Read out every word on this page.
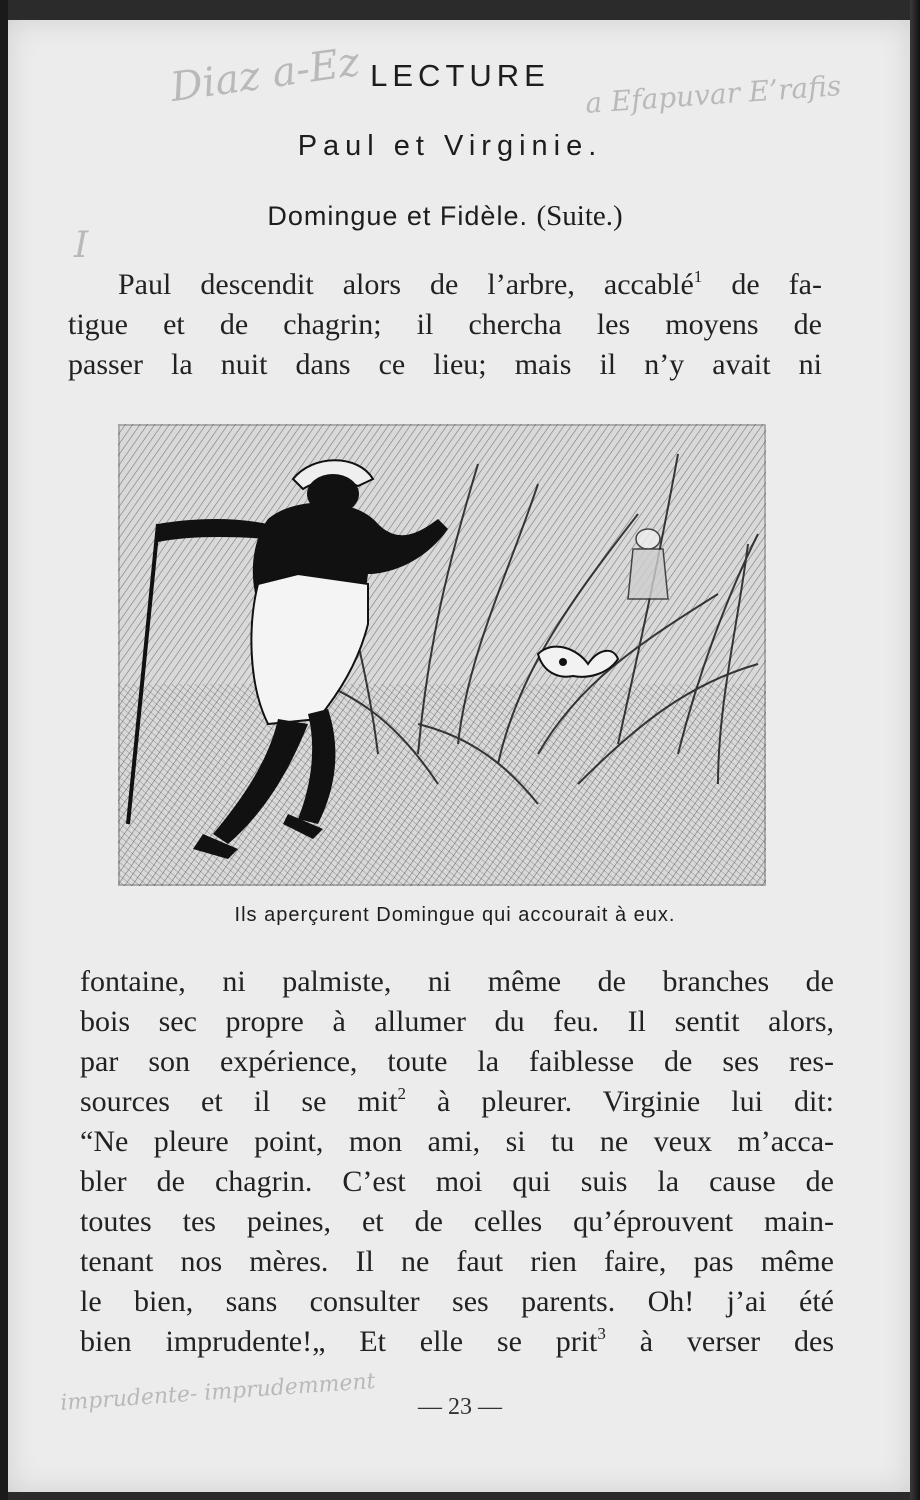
Diaz a-Ez	a Efapuvar E’rafis
I
imprudente- imprudemment
LECTURE
Paul et Virginie.
Domingue et Fidèle. (Suite.)
Paul descendit alors de l’arbre, accablé$^1$ de fa-
tigue et de chagrin; il chercha les moyens de
passer la nuit dans ce lieu; mais il n’y avait ni
Ils aperçurent Domingue qui accourait à eux.
fontaine, ni palmiste, ni même de branches de
bois sec propre à allumer du feu. Il sentit alors,
par son expérience, toute la faiblesse de ses res-
sources et il se mit$^2$ à pleurer. Virginie lui dit:
“Ne pleure point, mon ami, si tu ne veux m’acca-
bler de chagrin. C’est moi qui suis la cause de
toutes tes peines, et de celles qu’éprouvent main-
tenant nos mères. Il ne faut rien faire, pas même
le bien, sans consulter ses parents. Oh! j’ai été
bien imprudente!„ Et elle se prit$^3$ à verser des
— 23 —
